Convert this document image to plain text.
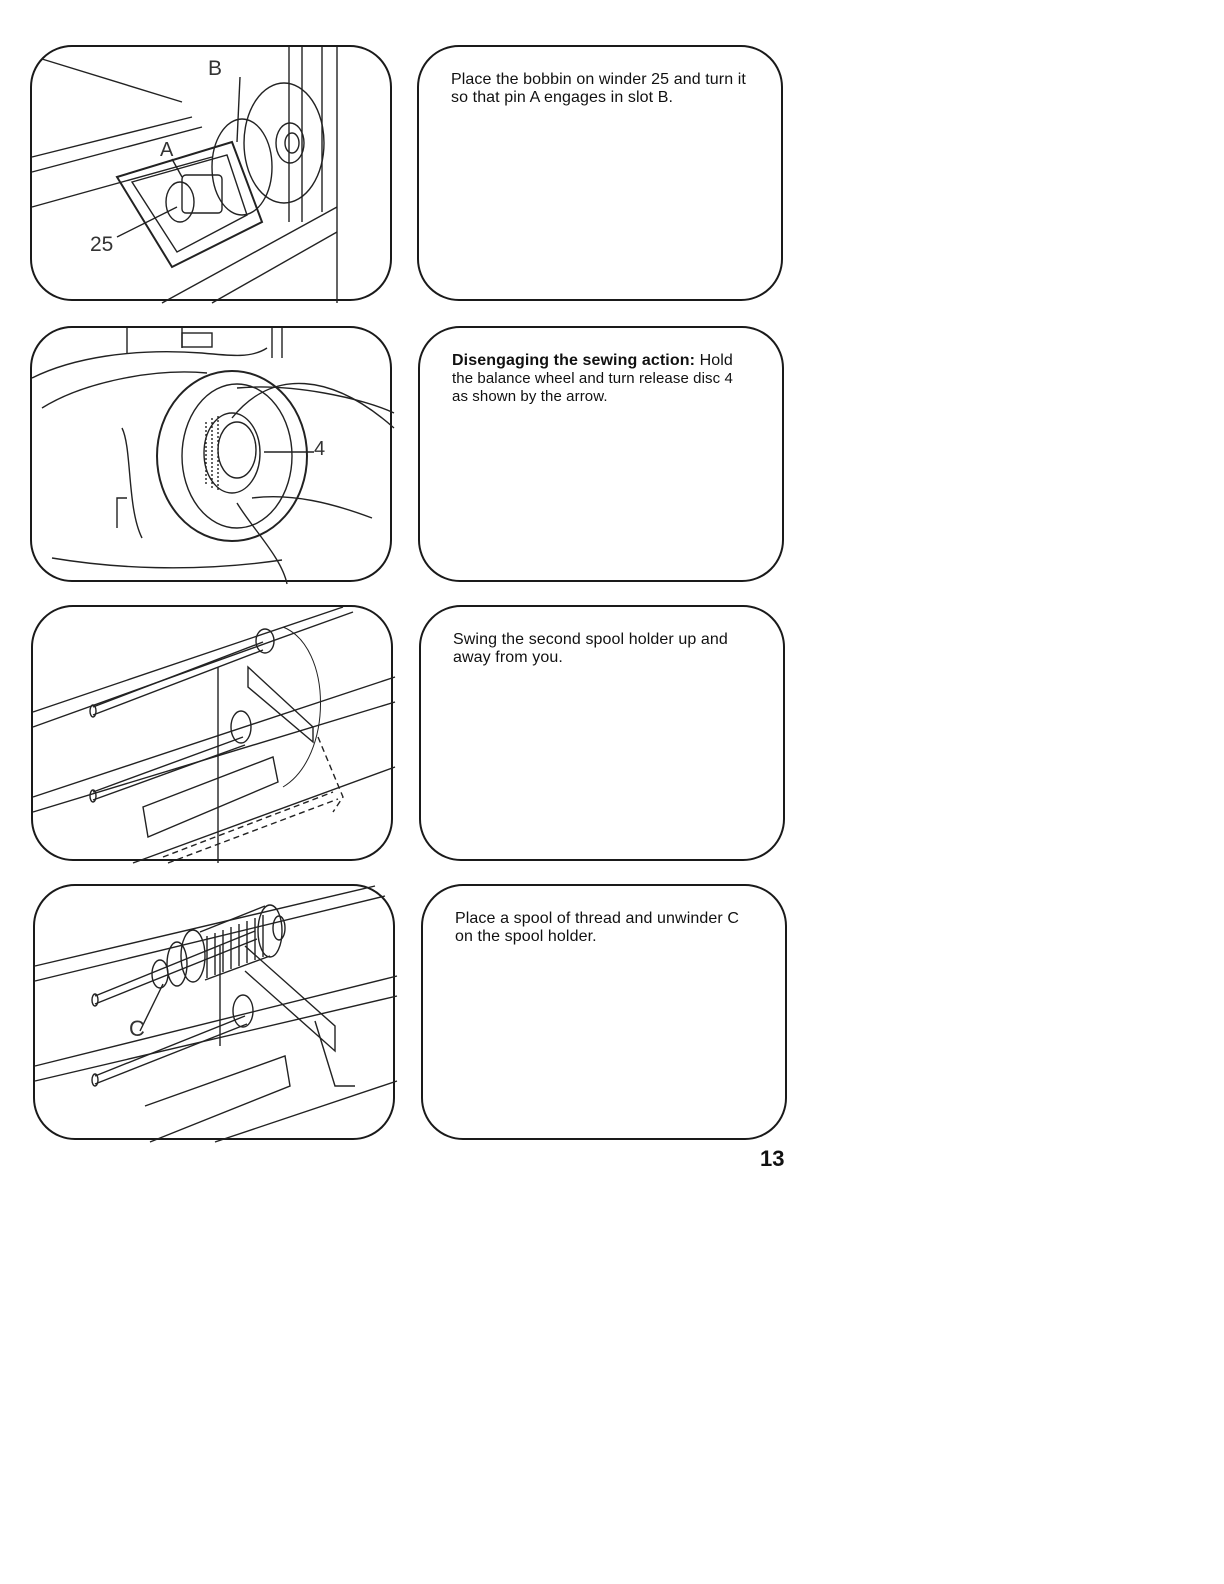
B
A
25

Place the bobbin on winder 25 and turn it so that pin A engages in slot B.

4

Disengaging the sewing action: Hold
the balance wheel and turn release disc 4 as shown by the arrow.

Swing the second spool holder up and away from you.

C

Place a spool of thread and unwinder C on the spool holder.

13
